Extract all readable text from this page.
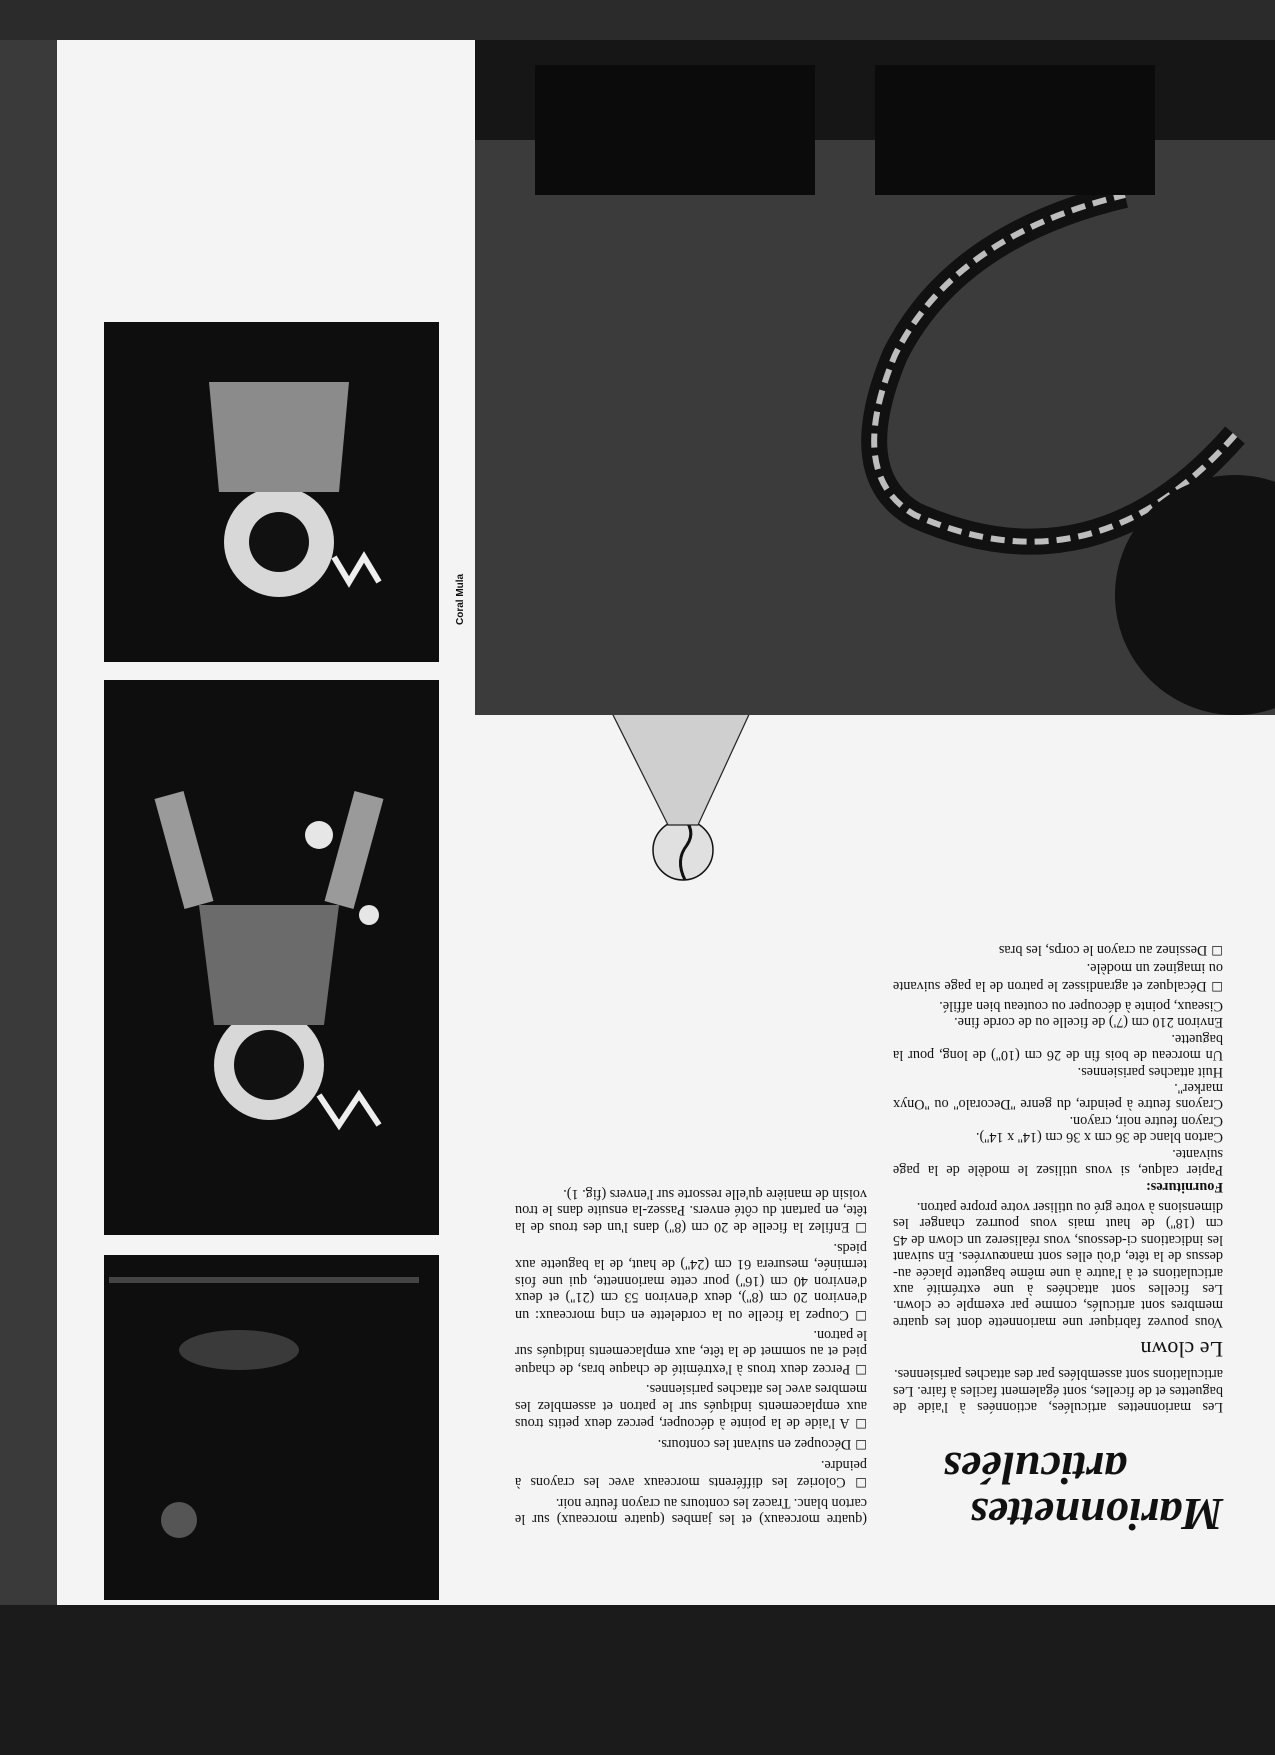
Marionnettes
articulées

Les marionnettes articulées, actionnées à l'aide de baguettes et de ficelles, sont également faciles à faire. Les articulations sont assemblées par des attaches parisiennes.

Le clown

Vous pouvez fabriquer une marionnette dont les quatre membres sont articulés, comme par exemple ce clown. Les ficelles sont attachées à une extrémité aux articulations et à l'autre à une même baguette placée au-dessus de la tête, d'où elles sont manœuvrées. En suivant les indications ci-dessous, vous réaliserez un clown de 45 cm (18'') de haut mais vous pourrez changer les dimensions à votre gré ou utiliser votre propre patron.

Fournitures:

Papier calque, si vous utilisez le modèle de la page suivante.

Carton blanc de 36 cm x 36 cm (14'' x 14'').

Crayon feutre noir, crayon.

Crayons feutre à peindre, du genre ''Decoralo'' ou ''Onyx marker''.

Huit attaches parisiennes.

Un morceau de bois fin de 26 cm (10'') de long, pour la baguette.

Environ 210 cm (7') de ficelle ou de corde fine.

Ciseaux, pointe à découper ou couteau bien affilé.

☐ Décalquez et agrandissez le patron de la page suivante ou imaginez un modèle.

☐ Dessinez au crayon le corps, les bras

(quatre morceaux) et les jambes (quatre morceaux) sur le carton blanc. Tracez les contours au crayon feutre noir.

☐ Coloriez les différents morceaux avec les crayons à peindre.

☐ Découpez en suivant les contours.

☐ A l'aide de la pointe à découper, percez deux petits trous aux emplacements indiqués sur le patron et assemblez les membres avec les attaches parisiennes.

☐ Percez deux trous à l'extrémité de chaque bras, de chaque pied et au sommet de la tête, aux emplacements indiqués sur le patron.

☐ Coupez la ficelle ou la cordelette en cinq morceaux: un d'environ 20 cm (8''), deux d'environ 53 cm (21'') et deux d'environ 40 cm (16'') pour cette marionnette, qui une fois terminée, mesurera 61 cm (24'') de haut, de la baguette aux pieds.

☐ Enfilez la ficelle de 20 cm (8'') dans l'un des trous de la tête, en partant du côté envers. Passez-la ensuite dans le trou voisin de manière qu'elle ressorte sur l'envers (fig. 1).

Coral Mula
